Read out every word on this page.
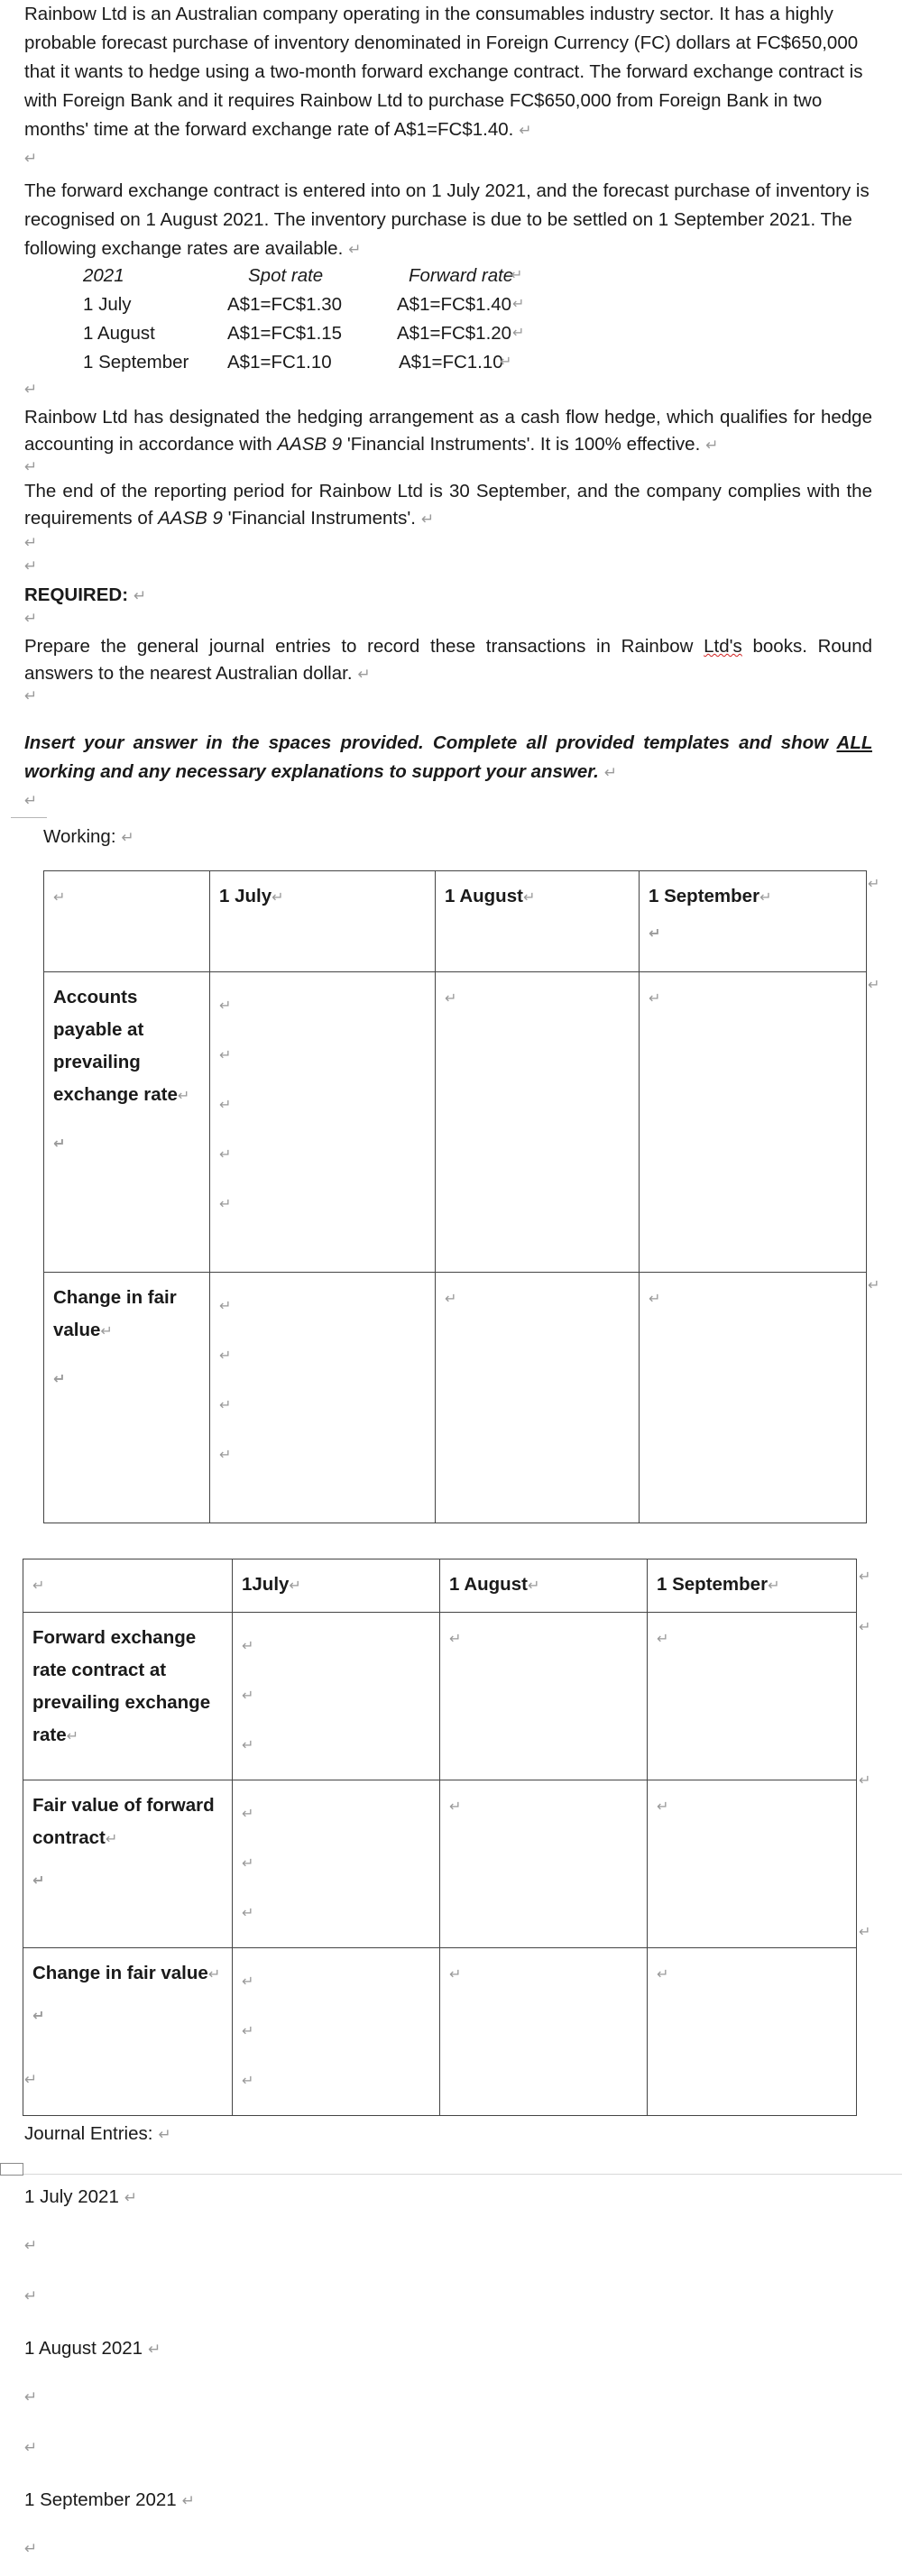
Rainbow Ltd is an Australian company operating in the consumables industry sector. It has a highly probable forecast purchase of inventory denominated in Foreign Currency (FC) dollars at FC$650,000 that it wants to hedge using a two-month forward exchange contract. The forward exchange contract is with Foreign Bank and it requires Rainbow Ltd to purchase FC$650,000 from Foreign Bank in two months' time at the forward exchange rate of A$1=FC$1.40. ↵

↵

The forward exchange contract is entered into on 1 July 2021, and the forecast purchase of inventory is recognised on 1 August 2021. The inventory purchase is due to be settled on 1 September 2021. The following exchange rates are available. ↵

2021	Spot rate	Forward rate
↵
1 July	A$1=FC$1.30	A$1=FC$1.40 ↵
1 August	A$1=FC$1.15	A$1=FC$1.20 ↵
1 September A$1=FC1.10	A$1=FC1.10
↵
↵

Rainbow Ltd has designated the hedging arrangement as a cash flow hedge, which qualifies for hedge accounting in accordance with AASB 9 'Financial Instruments'. It is 100% effective. ↵

↵

The end of the reporting period for Rainbow Ltd is 30 September, and the company complies with the requirements of AASB 9 'Financial Instruments'. ↵

↵
↵
REQUIRED: ↵
↵

Prepare the general journal entries to record these transactions in Rainbow Ltd's books. Round answers to the nearest Australian dollar. ↵

↵

Insert your answer in the spaces provided. Complete all provided templates and show ALL working and any necessary explanations to support your answer. ↵

↵
Working: ↵
↵	1 July↵	1 August↵	1 September↵
↵

Accounts payable at prevailing exchange rate↵
↵	↵
↵
↵
↵
↵	↵	↵
Change in fair value↵
↵	↵
↵
↵
↵	↵	↵
↵
↵
↵
↵	1July↵	1 August↵	1 September↵
Forward exchange rate contract at prevailing exchange rate↵	↵
↵
↵	↵	↵
Fair value of forward contract↵
↵	↵
↵
↵	↵	↵
Change in fair value↵
↵	↵
↵
↵	↵	↵
↵
↵
↵
↵
↵
Journal Entries: ↵
1 July 2021 ↵
↵
↵
1 August 2021 ↵
↵
↵
1 September 2021 ↵
↵
